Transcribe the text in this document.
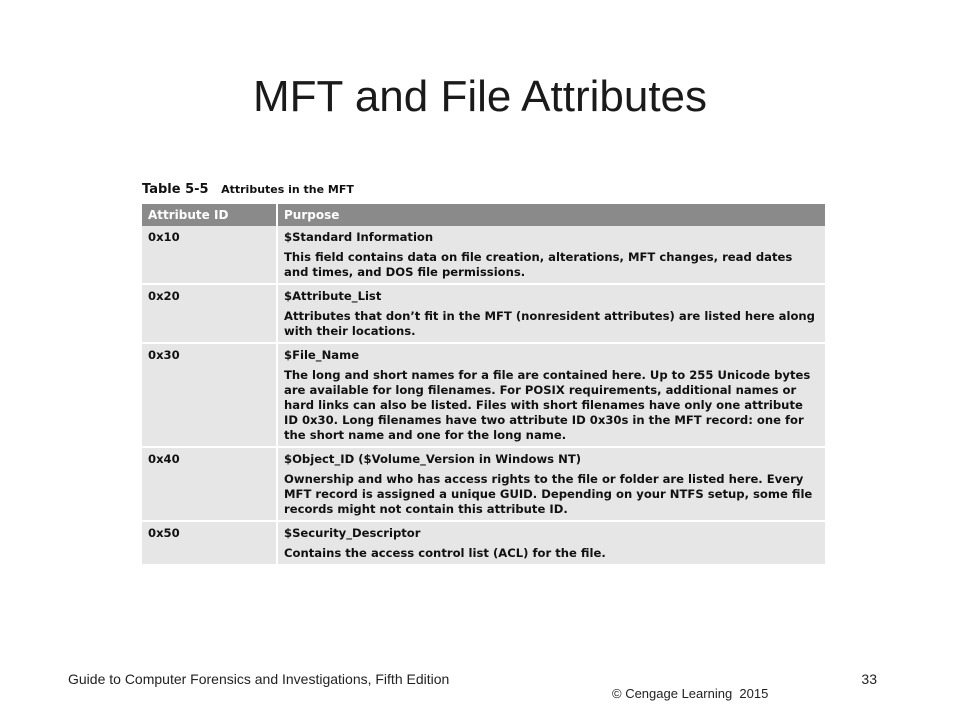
MFT and File Attributes
Table 5-5 Attributes in the MFT
Attribute ID	Purpose
0x10	$Standard Information
This field contains data on file creation, alterations, MFT changes, read dates and times, and DOS file permissions.

0x20	$Attribute_List
Attributes that don’t fit in the MFT (nonresident attributes) are listed here along with their locations.

0x30	$File_Name
The long and short names for a file are contained here. Up to 255 Unicode bytes are available for long filenames. For POSIX requirements, additional names or hard links can also be listed. Files with short filenames have only one attribute ID 0x30. Long filenames have two attribute ID 0x30s in the MFT record: one for the short name and one for the long name.

0x40	$Object_ID ($Volume_Version in Windows NT)
Ownership and who has access rights to the file or folder are listed here. Every MFT record is assigned a unique GUID. Depending on your NTFS setup, some file records might not contain this attribute ID.

0x50	$Security_Descriptor
Contains the access control list (ACL) for the file.
Guide to Computer Forensics and Investigations, Fifth Edition	33
© Cengage Learning  2015
